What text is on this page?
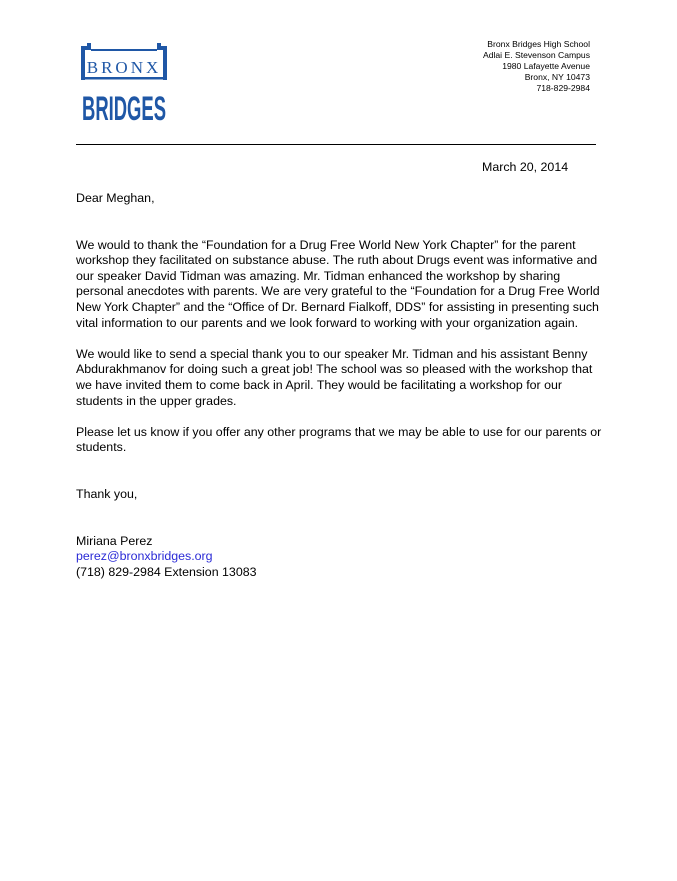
BRONX
BRIDGES
Bronx Bridges High School
Adlai E. Stevenson Campus
1980 Lafayette Avenue
Bronx, NY 10473
718-829-2984
March 20, 2014

Dear Meghan,

We would to thank the “Foundation for a Drug Free World New York Chapter” for the parent workshop they facilitated on substance abuse. The ruth about Drugs event was informative and our speaker David Tidman was amazing. Mr. Tidman enhanced the workshop by sharing personal anecdotes with parents. We are very grateful to the “Foundation for a Drug Free World New York Chapter” and the “Office of Dr. Bernard Fialkoff, DDS” for assisting in presenting such vital information to our parents and we look forward to working with your organization again.

We would like to send a special thank you to our speaker Mr. Tidman and his assistant Benny Abdurakhmanov for doing such a great job! The school was so pleased with the workshop that we have invited them to come back in April. They would be facilitating a workshop for our students in the upper grades.

Please let us know if you offer any other programs that we may be able to use for our parents or students.

Thank you,

Miriana Perez
perez@bronxbridges.org
(718) 829-2984 Extension 13083
